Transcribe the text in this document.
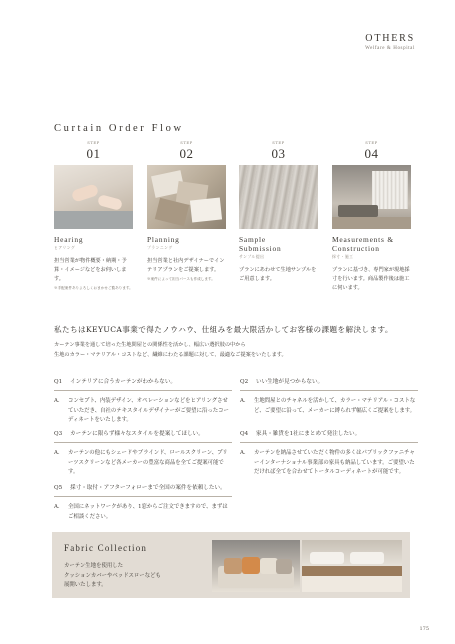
OTHERS
Welfare & Hospital
Curtain Order Flow
STEP
01
Hearing
ヒアリング
担当営業が物件概要・納期・予算・イメージなどをお伺いします。
※手配案件ありよろしくおまかせご覧あります。
STEP
02
Planning
プランニング
担当営業と社内デザイナーでインテリアプランをご提案します。
※案件によって担当パースも作成します。
STEP
03
Sample
Submission
サンプル提出
プランにあわせて生地サンプルをご用意します。
STEP
04
Measurements &
Construction
採寸・施工
プランに基づき、専門家が現地採寸を行います。商品製作後は施工に伺います。
私たちはKEYUCA事業で得たノウハウ、仕組みを最大限活かしてお客様の課題を解決します。
カーテン事業を通して培った生地問屋との関係性を活かし、幅広い選択肢の中から
生地のカラー・マテリアル・コストなど、繊維にわたる課題に対して、最適なご提案をいたします。
Q1 インテリアに合うカーテンがわからない。
A.	コンセプト、内装デザイン、オペレーションなどをヒアリングさせていただき、自社のテキスタイルデザイナーがご要望に沿ったコーディネートをいたします。
Q2 いい生地が見つからない。
A.	生地問屋とのチャネルを活かして、カラー・マテリアル・コストなど、ご要望に沿って、メーカーに縛られず幅広くご提案をします。
Q3 カーテンに限らず様々なスタイルを提案してほしい。
A.	カーテンの他にもシェードやブラインド、ロールスクリーン、プリーツスクリーンなど各メーカーの豊富な商品を全てご提案可能です。
Q4 家具・雑貨を1社にまとめて発注したい。
A.	カーテンを納品させていただく物件の多くはパブリックファニチャーインターナショナル事業部の家具も納品しています。ご要望いただければ全てを合わせてトータルコーディネートが可能です。
Q5 採寸・取付・アフターフォローまで全国の案件を依頼したい。
A.	全国にネットワークがあり、1窓からご注文できますので、まずはご相談ください。
Fabric Collection
カーテン生地を使用した
クッションカバーやベッドスローなども
展開いたします。
175
